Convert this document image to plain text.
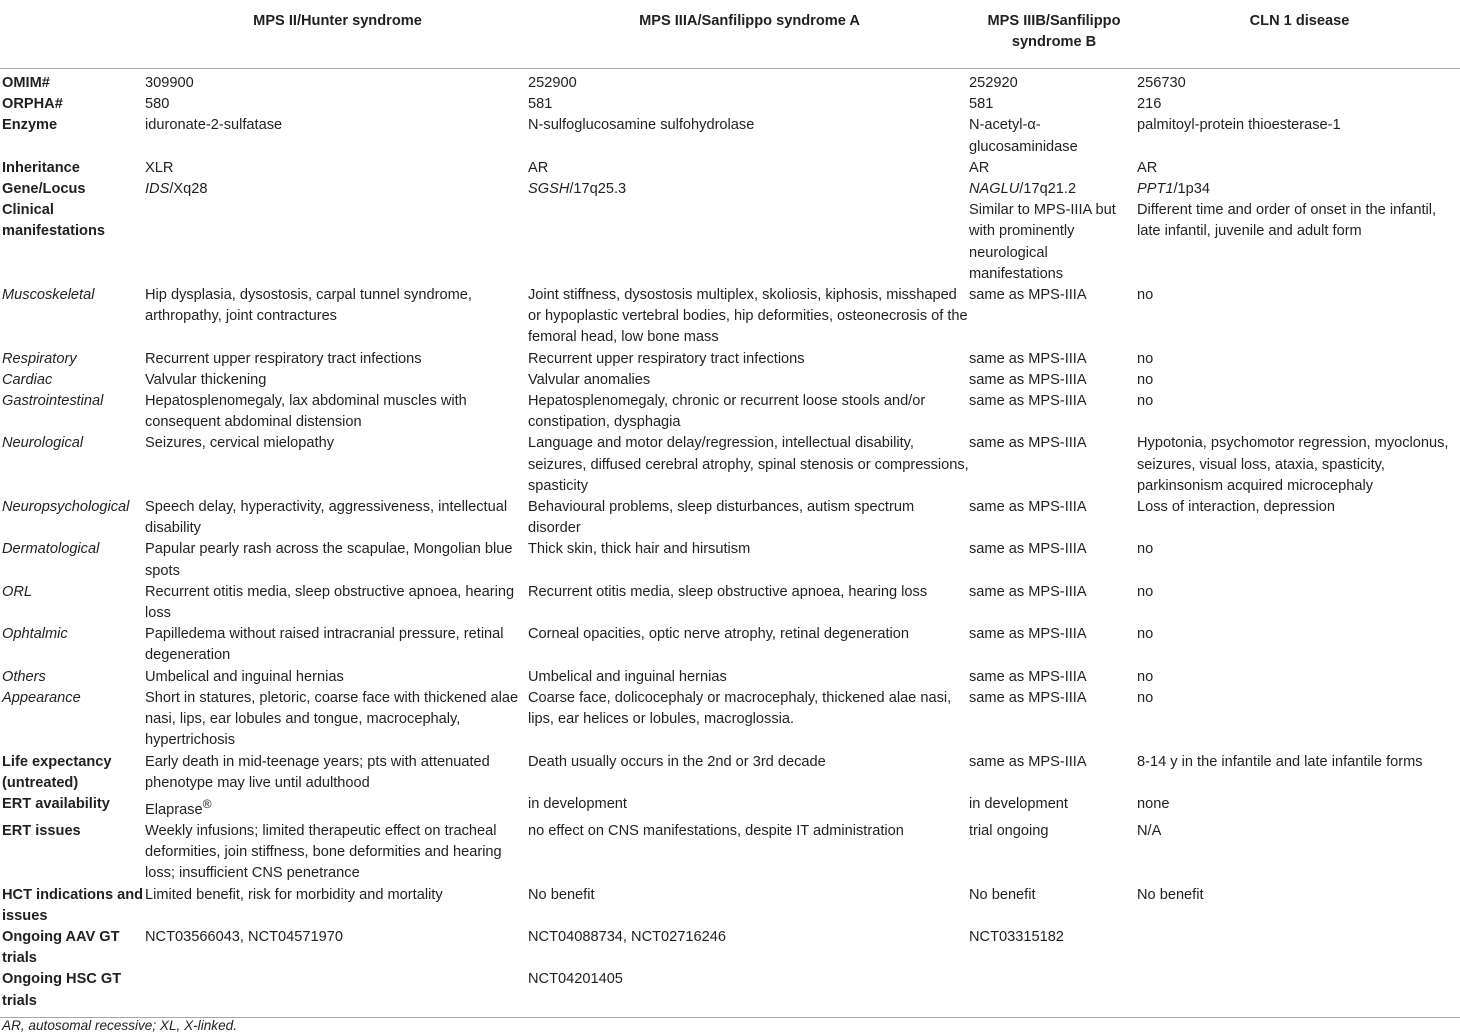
	MPS II/Hunter syndrome	MPS IIIA/Sanfilippo syndrome A	MPS IIIB/Sanfilippo syndrome B	CLN 1 disease
OMIM#	309900	252900	252920	256730
ORPHA#	580	581	581	216
Enzyme	iduronate-2-sulfatase	N-sulfoglucosamine sulfohydrolase	N-acetyl-α-glucosaminidase	palmitoyl-protein thioesterase-1
Inheritance	XLR	AR	AR	AR
Gene/Locus	IDS/Xq28	SGSH/17q25.3	NAGLU/17q21.2	PPT1/1p34
Clinical manifestations			Similar to MPS-IIIA but with prominently neurological manifestations	Different time and order of onset in the infantil, late infantil, juvenile and adult form
Muscoskeletal	Hip dysplasia, dysostosis, carpal tunnel syndrome, arthropathy, joint contractures	Joint stiffness, dysostosis multiplex, skoliosis, kiphosis, misshaped or hypoplastic vertebral bodies, hip deformities, osteonecrosis of the femoral head, low bone mass	same as MPS-IIIA	no
Respiratory	Recurrent upper respiratory tract infections	Recurrent upper respiratory tract infections	same as MPS-IIIA	no
Cardiac	Valvular thickening	Valvular anomalies	same as MPS-IIIA	no
Gastrointestinal	Hepatosplenomegaly, lax abdominal muscles with consequent abdominal distension	Hepatosplenomegaly, chronic or recurrent loose stools and/or constipation, dysphagia	same as MPS-IIIA	no
Neurological	Seizures, cervical mielopathy	Language and motor delay/regression, intellectual disability, seizures, diffused cerebral atrophy, spinal stenosis or compressions, spasticity	same as MPS-IIIA	Hypotonia, psychomotor regression, myoclonus, seizures, visual loss, ataxia, spasticity, parkinsonism acquired microcephaly
Neuropsychological	Speech delay, hyperactivity, aggressiveness, intellectual disability	Behavioural problems, sleep disturbances, autism spectrum disorder	same as MPS-IIIA	Loss of interaction, depression
Dermatological	Papular pearly rash across the scapulae, Mongolian blue spots	Thick skin, thick hair and hirsutism	same as MPS-IIIA	no
ORL	Recurrent otitis media, sleep obstructive apnoea, hearing loss	Recurrent otitis media, sleep obstructive apnoea, hearing loss	same as MPS-IIIA	no
Ophtalmic	Papilledema without raised intracranial pressure, retinal degeneration	Corneal opacities, optic nerve atrophy, retinal degeneration	same as MPS-IIIA	no
Others	Umbelical and inguinal hernias	Umbelical and inguinal hernias	same as MPS-IIIA	no
Appearance	Short in statures, pletoric, coarse face with thickened alae nasi, lips, ear lobules and tongue, macrocephaly, hypertrichosis	Coarse face, dolicocephaly or macrocephaly, thickened alae nasi, lips, ear helices or lobules, macroglossia.	same as MPS-IIIA	no
Life expectancy (untreated)	Early death in mid-teenage years; pts with attenuated phenotype may live until adulthood	Death usually occurs in the 2nd or 3rd decade	same as MPS-IIIA	8-14 y in the infantile and late infantile forms
ERT availability	Elaprase®	in development	in development	none
ERT issues	Weekly infusions; limited therapeutic effect on tracheal deformities, join stiffness, bone deformities and hearing loss; insufficient CNS penetrance	no effect on CNS manifestations, despite IT administration	trial ongoing	N/A
HCT indications and issues	Limited benefit, risk for morbidity and mortality	No benefit	No benefit	No benefit
Ongoing AAV GT trials	NCT03566043, NCT04571970	NCT04088734, NCT02716246	NCT03315182	
Ongoing HSC GT trials		NCT04201405		
AR, autosomal recessive; XL, X-linked.
